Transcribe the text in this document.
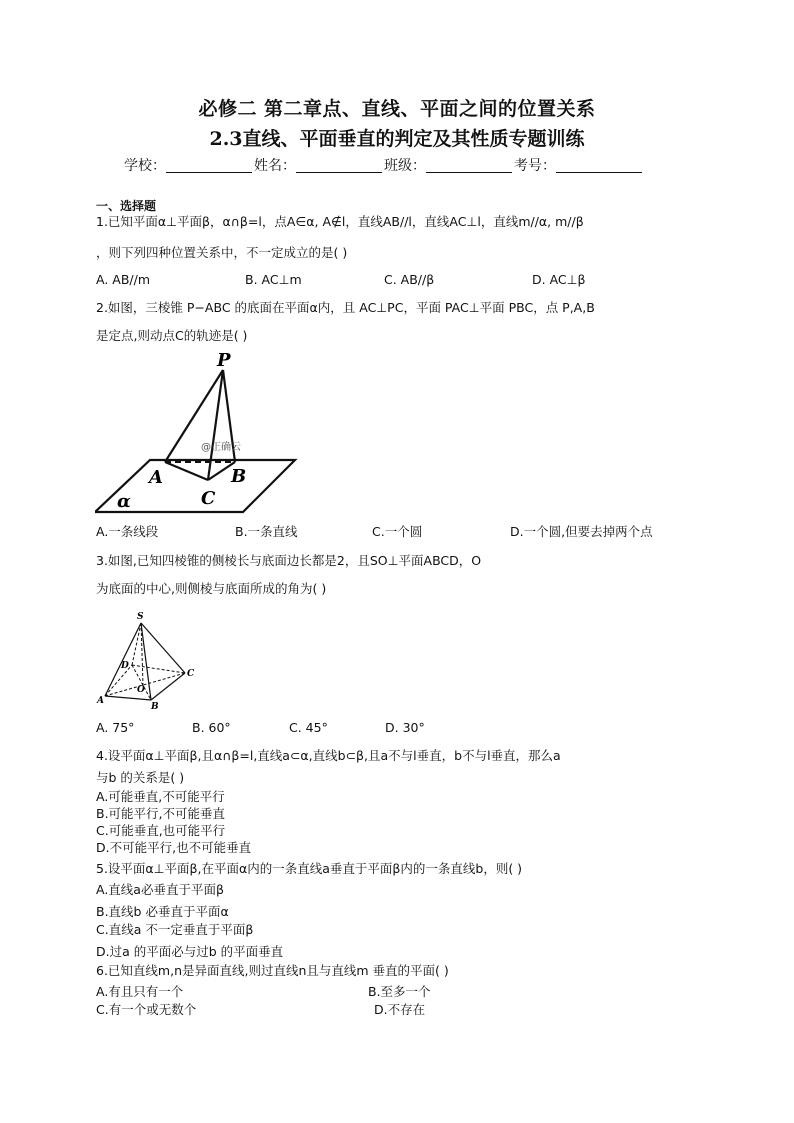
必修二 第二章点、直线、平面之间的位置关系
2.3直线、平面垂直的判定及其性质专题训练
学校：	姓名：	班级：	考号：
一、选择题
1.已知平面α⊥平面β，α∩β=l，点A∈α, A∉l，直线AB//l，直线AC⊥l，直线m//α, m//β
，则下列四种位置关系中，不一定成立的是( )
A. AB//m	B. AC⊥m	C. AB//β	D. AC⊥β
2.如图，三棱锥 P−ABC 的底面在平面α内，且 AC⊥PC，平面 PAC⊥平面 PBC，点 P,A,B
是定点,则动点C的轨迹是( )
P
A	B
C
α
@正确云
A.一条线段	B.一条直线	C.一个圆	D.一个圆,但要去掉两个点
3.如图,已知四棱锥的侧棱长与底面边长都是2，且SO⊥平面ABCD，O
为底面的中心,则侧棱与底面所成的角为( )
S
D
C
O
A
B
A. 75°	B. 60°	C. 45°	D. 30°
4.设平面α⊥平面β,且α∩β=l,直线a⊂α,直线b⊂β,且a不与l垂直，b不与l垂直，那么a
与b 的关系是( )
A.可能垂直,不可能平行
B.可能平行,不可能垂直
C.可能垂直,也可能平行
D.不可能平行,也不可能垂直
5.设平面α⊥平面β,在平面α内的一条直线a垂直于平面β内的一条直线b，则( )
A.直线a必垂直于平面β
B.直线b 必垂直于平面α
C.直线a 不一定垂直于平面β
D.过a 的平面必与过b 的平面垂直
6.已知直线m,n是异面直线,则过直线n且与直线m 垂直的平面( )
A.有且只有一个	B.至多一个
C.有一个或无数个	D.不存在
